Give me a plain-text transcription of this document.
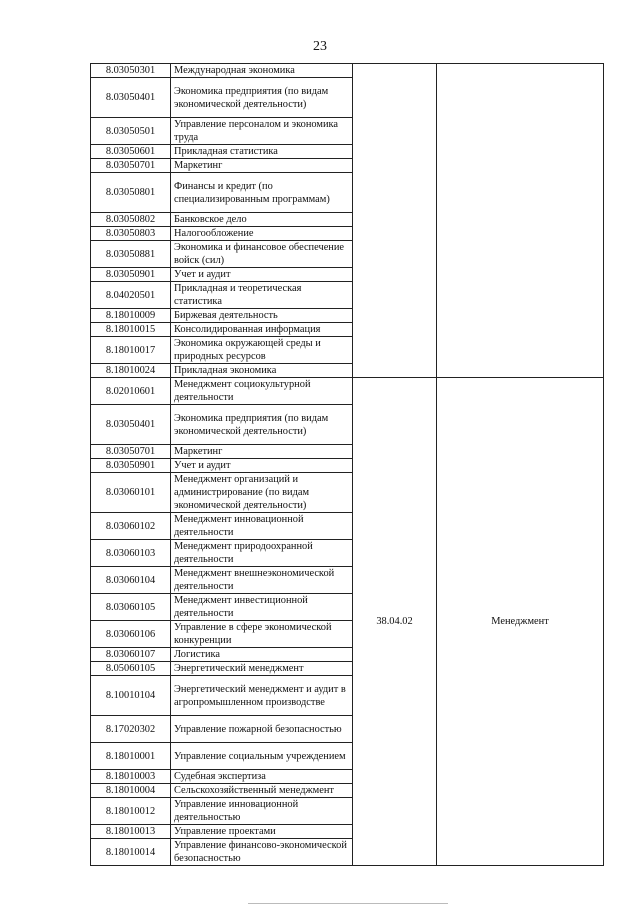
23
8.03050301	Международная экономика		
8.03050401	Экономика предприятия (по видам экономической деятельности)		
8.03050501	Управление персоналом и экономика труда		
8.03050601	Прикладная статистика		
8.03050701	Маркетинг		
8.03050801	Финансы и кредит (по специализированным программам)		
8.03050802	Банковское дело		
8.03050803	Налогообложение		
8.03050881	Экономика и финансовое обеспечение войск (сил)		
8.03050901	Учет и аудит		
8.04020501	Прикладная и теоретическая статистика		
8.18010009	Биржевая деятельность		
8.18010015	Консолидированная информация		
8.18010017	Экономика окружающей среды и природных ресурсов		
8.18010024	Прикладная экономика		
8.02010601	Менеджмент социокультурной деятельности	38.04.02	Менеджмент
8.03050401	Экономика предприятия (по видам экономической деятельности)		
8.03050701	Маркетинг		
8.03050901	Учет и аудит		
8.03060101	Менеджмент организаций и администрирование (по видам экономической деятельности)		
8.03060102	Менеджмент инновационной деятельности		
8.03060103	Менеджмент природоохранной деятельности		
8.03060104	Менеджмент внешнеэкономической деятельности		
8.03060105	Менеджмент инвестиционной деятельности		
8.03060106	Управление в сфере экономической конкуренции		
8.03060107	Логистика		
8.05060105	Энергетический менеджмент		
8.10010104	Энергетический менеджмент и аудит в агропромышленном производстве		
8.17020302	Управление пожарной безопасностью		
8.18010001	Управление социальным учреждением		
8.18010003	Судебная экспертиза		
8.18010004	Сельскохозяйственный менеджмент		
8.18010012	Управление инновационной деятельностью		
8.18010013	Управление проектами		
8.18010014	Управление финансово-экономической безопасностью		
